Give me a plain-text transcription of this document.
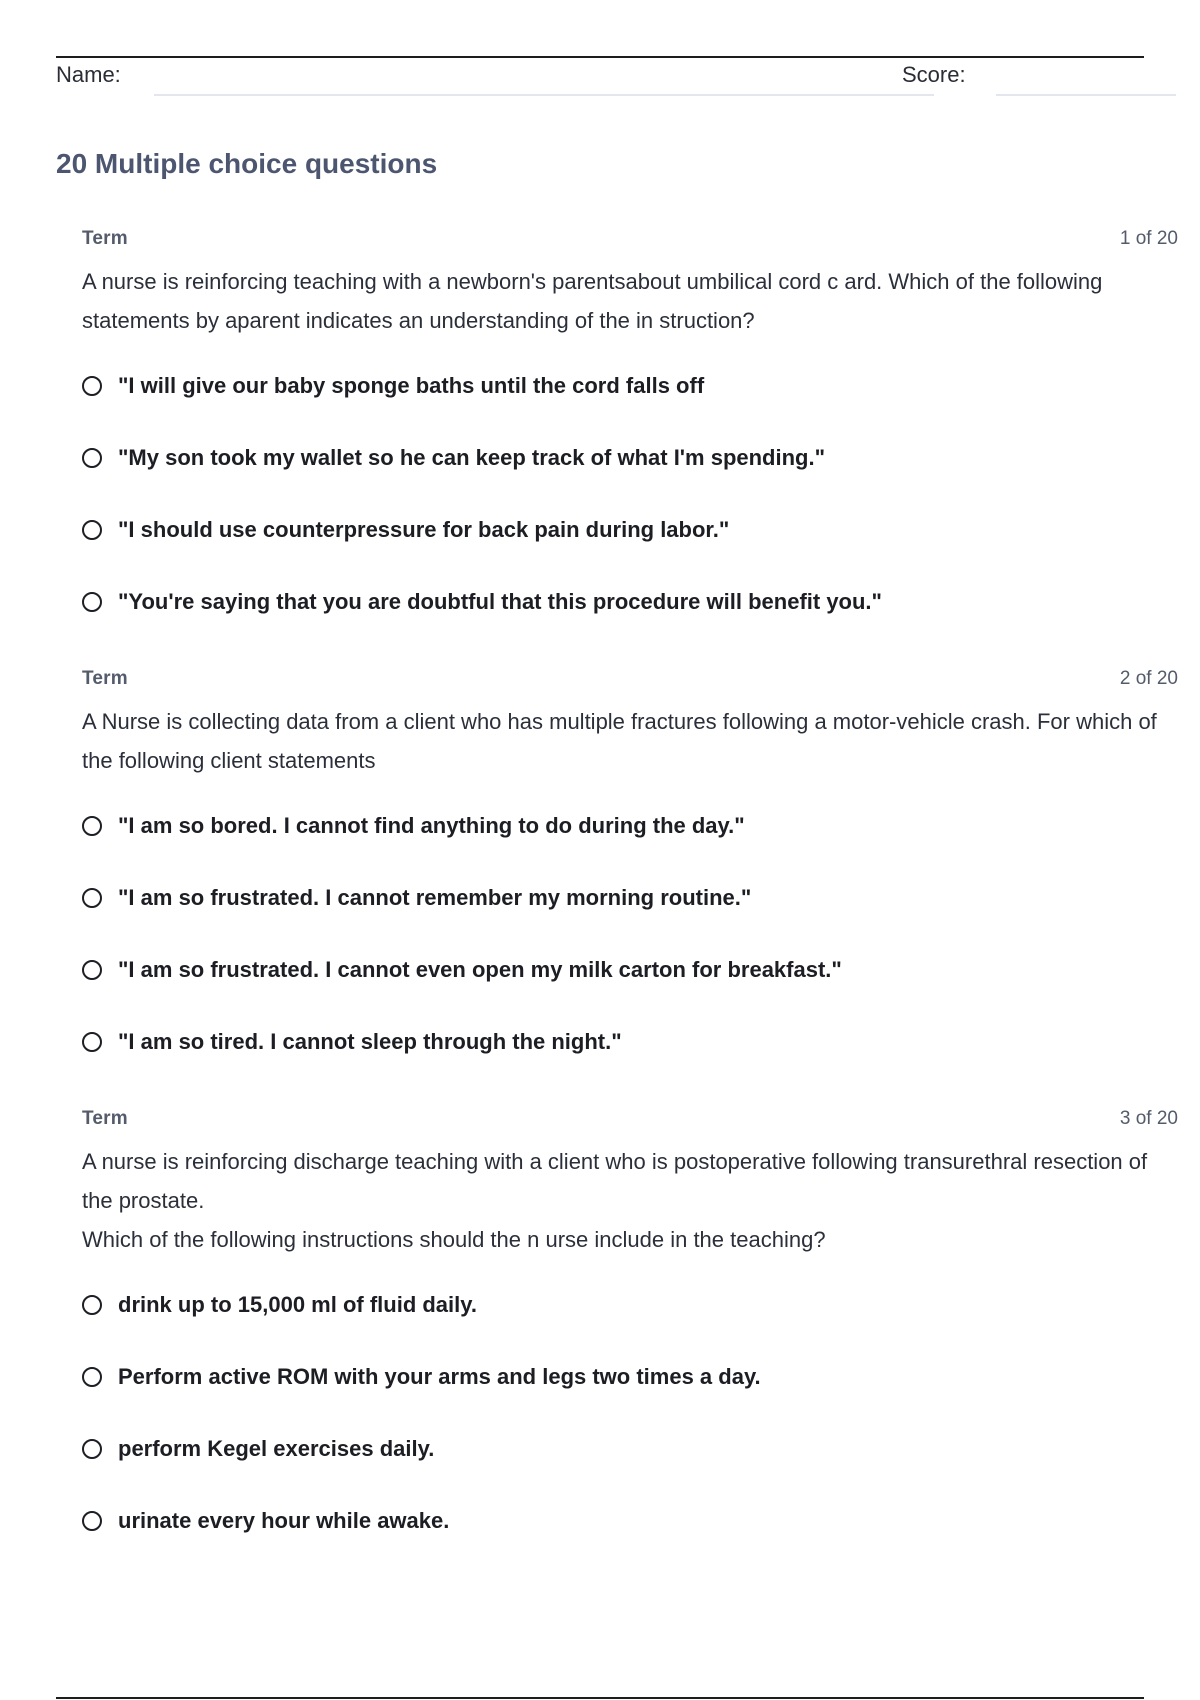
Name:	Score:
20 Multiple choice questions
Term	1 of 20
A nurse is reinforcing teaching with a newborn's parentsabout umbilical cord c ard. Which of the following statements by aparent indicates an understanding of the in struction?
"I will give our baby sponge baths until the cord falls off
"My son took my wallet so he can keep track of what I'm spending."
"I should use counterpressure for back pain during labor."
"You're saying that you are doubtful that this procedure will benefit you."
Term	2 of 20
A Nurse is collecting data from a client who has multiple fractures following a motor-vehicle crash. For which of the following client statements
"I am so bored. I cannot find anything to do during the day."
"I am so frustrated. I cannot remember my morning routine."
"I am so frustrated. I cannot even open my milk carton for breakfast."
"I am so tired. I cannot sleep through the night."
Term	3 of 20
A nurse is reinforcing discharge teaching with a client who is postoperative following transurethral resection of the prostate.
Which of the following instructions should the n urse include in the teaching?
drink up to 15,000 ml of fluid daily.
Perform active ROM with your arms and legs two times a day.
perform Kegel exercises daily.
urinate every hour while awake.
